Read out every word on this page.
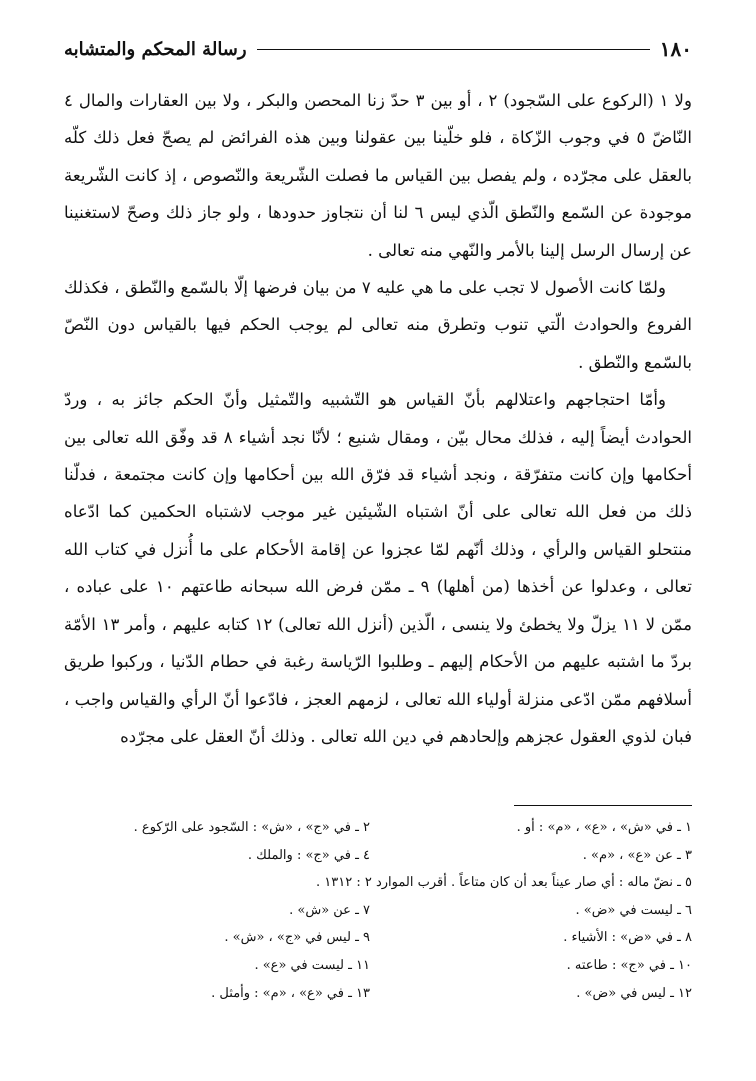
١٨٠
رسالة المحكم والمتشابه

ولا ١ (الركوع على السّجود) ٢ ، أو بين ٣ حدّ زنا المحصن والبكر ، ولا بين العقارات والمال ٤ النّاضّ ٥ في وجوب الزّكاة ، فلو خلّينا بين عقولنا وبين هذه الفرائض لم يصحّ فعل ذلك كلّه بالعقل على مجرّده ، ولم يفصل بين القياس ما فصلت الشّريعة والنّصوص ، إذ كانت الشّريعة موجودة عن السّمع والنّطق الّذي ليس ٦ لنا أن نتجاوز حدودها ، ولو جاز ذلك وصحّ لاستغنينا عن إرسال الرسل إلينا بالأمر والنّهي منه تعالى .

ولمّا كانت الأصول لا تجب على ما هي عليه ٧ من بيان فرضها إلّا بالسّمع والنّطق ، فكذلك الفروع والحوادث الّتي تنوب وتطرق منه تعالى لم يوجب الحكم فيها بالقياس دون النّصّ بالسّمع والنّطق .

وأمّا احتجاجهم واعتلالهم بأنّ القياس هو التّشبيه والتّمثيل وأنّ الحكم جائز به ، وردّ الحوادث أيضاً إليه ، فذلك محال بيّن ، ومقال شنيع ؛ لأنّا نجد أشياء ٨ قد وفّق الله تعالى بين أحكامها وإن كانت متفرّقة ، ونجد أشياء قد فرّق الله بين أحكامها وإن كانت مجتمعة ، فدلّنا ذلك من فعل الله تعالى على أنّ اشتباه الشّيئين غير موجب لاشتباه الحكمين كما ادّعاه منتحلو القياس والرأي ، وذلك أنّهم لمّا عجزوا عن إقامة الأحكام على ما أُنزل في كتاب الله تعالى ، وعدلوا عن أخذها (من أهلها) ٩ ـ ممّن فرض الله سبحانه طاعتهم ١٠ على عباده ، ممّن لا ١١ يزلّ ولا يخطئ ولا ينسى ، الّذين (أنزل الله تعالى) ١٢ كتابه عليهم ، وأمر ١٣ الأمّة بردّ ما اشتبه عليهم من الأحكام إليهم ـ وطلبوا الرّياسة رغبة في حطام الدّنيا ، وركبوا طريق أسلافهم ممّن ادّعى منزلة أولياء الله تعالى ، لزمهم العجز ، فادّعوا أنّ الرأي والقياس واجب ، فبان لذوي العقول عجزهم وإلحادهم في دين الله تعالى . وذلك أنّ العقل على مجرّده

١ ـ في «ش» ، «ع» ، «م» : أو .
٢ ـ في «ج» ، «ش» : السّجود على الرّكوع .
٣ ـ عن «ع» ، «م» .
٤ ـ في «ج» : والملك .
٥ ـ نضّ ماله : أي صار عيناً بعد أن كان متاعاً . أقرب الموارد ٢ : ١٣١٢ .
٦ ـ ليست في «ض» .
٧ ـ عن «ش» .
٨ ـ في «ض» : الأشياء .
٩ ـ ليس في «ج» ، «ش» .
١٠ ـ في «ج» : طاعته .
١١ ـ ليست في «ع» .
١٢ ـ ليس في «ض» .
١٣ ـ في «ع» ، «م» : وأمثل .
